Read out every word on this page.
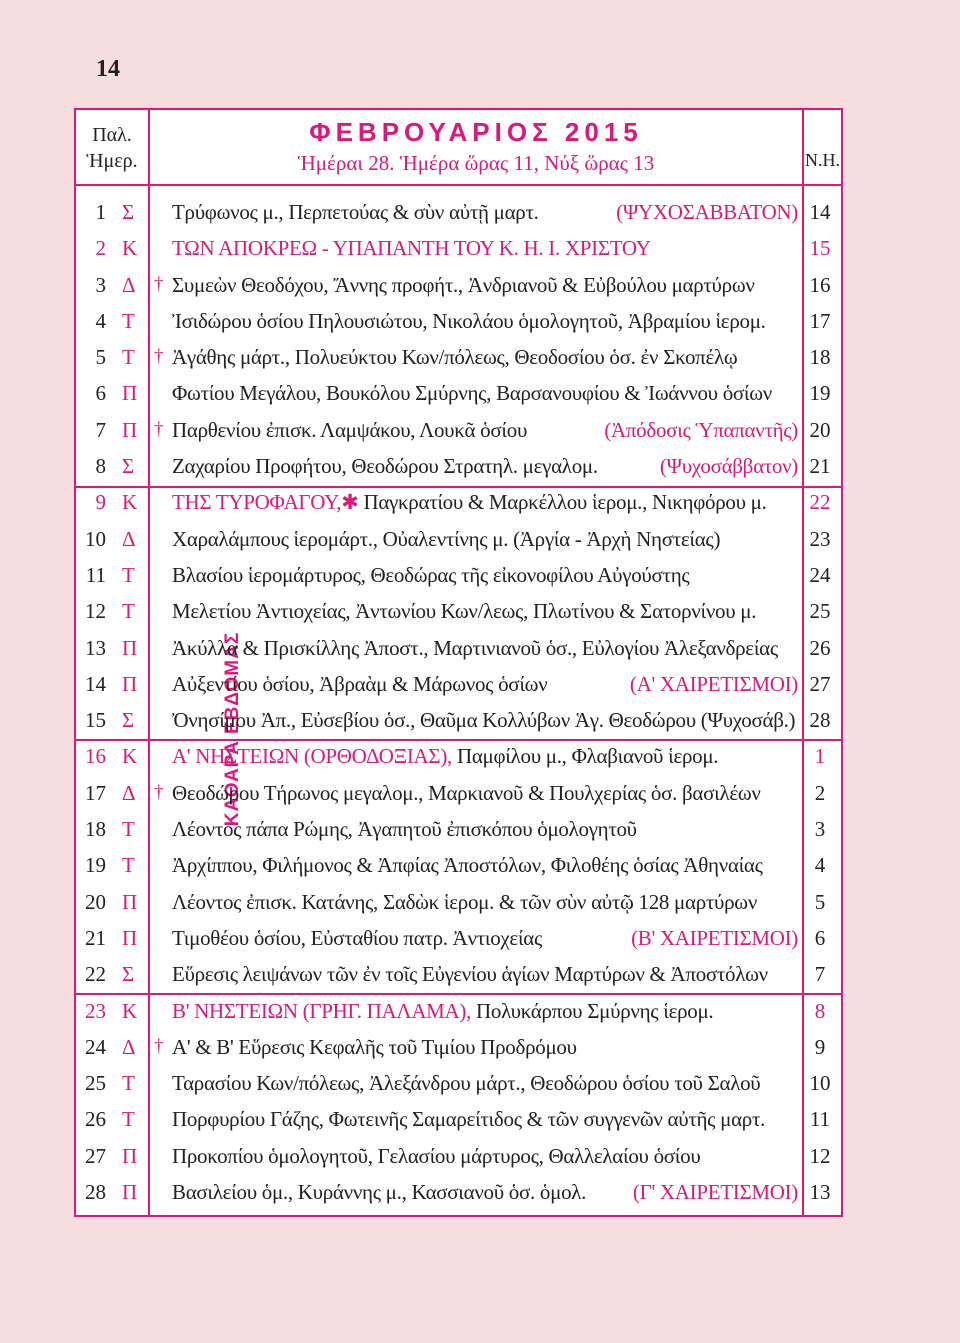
14
Παλ.
Ἡμερ.
ΦΕΒΡΟΥΑΡΙΟΣ 2015
Ἡμέραι 28. Ἡμέρα ὥρας 11, Νύξ ὥρας 13	Ν.Η.
ΚΑΘΑΡΑ ΕΒΔΟΜΑΣ
1 Σ	Τρύφωνος μ., Περπετούας & σὺν αὐτῇ μαρτ.	(ΨΥΧΟΣΑΒΒΑΤΟΝ) 14
2 Κ	ΤΩΝ ΑΠΟΚΡΕΩ - ΥΠΑΠΑΝΤΗ ΤΟΥ Κ. Η. Ι. ΧΡΙΣΤΟΥ	15
3 Δ † Συμεὼν Θεοδόχου, Ἄννης προφήτ., Ἀνδριανοῦ & Εὐβούλου μαρτύρων	16
4 Τ	Ἰσιδώρου ὁσίου Πηλουσιώτου, Νικολάου ὁμολογητοῦ, Ἀβραμίου ἱερομ.	17
5 Τ	† Ἀγάθης μάρτ., Πολυεύκτου Κων/πόλεως, Θεοδοσίου ὁσ. ἐν Σκοπέλῳ	18
6 Π	Φωτίου Μεγάλου, Βουκόλου Σμύρνης, Βαρσανουφίου & Ἰωάννου ὁσίων	19
7 Π † Παρθενίου ἐπισκ. Λαμψάκου, Λουκᾶ ὁσίου	(Ἀπόδοσις Ὑπαπαντῆς) 20
8 Σ	Ζαχαρίου Προφήτου, Θεοδώρου Στρατηλ. μεγαλομ.	(Ψυχοσάββατον) 21
9 Κ	ΤΗΣ ΤΥΡΟΦΑΓΟΥ,✱ Παγκρατίου & Μαρκέλλου ἱερομ., Νικηφόρου μ.	22
10 Δ	Χαραλάμπους ἱερομάρτ., Οὐαλεντίνης μ. (Ἀργία - Ἀρχὴ Νηστείας)	23
11 Τ	Βλασίου ἱερομάρτυρος, Θεοδώρας τῆς εἰκονοφίλου Αὐγούστης	24
12 Τ	Μελετίου Ἀντιοχείας, Ἀντωνίου Κων/λεως, Πλωτίνου & Σατορνίνου μ.	25
13 Π	Ἀκύλλα & Πρισκίλλης Ἀποστ., Μαρτινιανοῦ ὁσ., Εὐλογίου Ἀλεξανδρείας	26
14 Π	Αὐξεντίου ὁσίου, Ἀβραὰμ & Μάρωνος ὁσίων	(Α' ΧΑΙΡΕΤΙΣΜΟΙ) 27
15 Σ	Ὀνησίμου Ἀπ., Εὐσεβίου ὁσ., Θαῦμα Κολλύβων Ἁγ. Θεοδώρου (Ψυχοσάβ.) 28
16 Κ	Α' ΝΗΣΤΕΙΩΝ (ΟΡΘΟΔΟΞΙΑΣ), Παμφίλου μ., Φλαβιανοῦ ἱερομ.	1
17 Δ † Θεοδώρου Τήρωνος μεγαλομ., Μαρκιανοῦ & Πουλχερίας ὁσ. βασιλέων	2
18 Τ	Λέοντος πάπα Ρώμης, Ἀγαπητοῦ ἐπισκόπου ὁμολογητοῦ	3
19 Τ	Ἀρχίππου, Φιλήμονος & Ἀπφίας Ἀποστόλων, Φιλοθέης ὁσίας Ἀθηναίας	4
20 Π	Λέοντος ἐπισκ. Κατάνης, Σαδὼκ ἱερομ. & τῶν σὺν αὐτῷ 128 μαρτύρων	5
21 Π	Τιμοθέου ὁσίου, Εὐσταθίου πατρ. Ἀντιοχείας	(Β' ΧΑΙΡΕΤΙΣΜΟΙ) 6
22 Σ	Εὕρεσις λειψάνων τῶν ἐν τοῖς Εὐγενίου ἁγίων Μαρτύρων & Ἀποστόλων	7
23 Κ	Β' ΝΗΣΤΕΙΩΝ (ΓΡΗΓ. ΠΑΛΑΜΑ), Πολυκάρπου Σμύρνης ἱερομ.	8
24 Δ † Α' & Β' Εὕρεσις Κεφαλῆς τοῦ Τιμίου Προδρόμου	9
25 Τ	Ταρασίου Κων/πόλεως, Ἀλεξάνδρου μάρτ., Θεοδώρου ὁσίου τοῦ Σαλοῦ	10
26 Τ	Πορφυρίου Γάζης, Φωτεινῆς Σαμαρείτιδος & τῶν συγγενῶν αὐτῆς μαρτ.	11
27 Π	Προκοπίου ὁμολογητοῦ, Γελασίου μάρτυρος, Θαλλελαίου ὁσίου	12
28 Π	Βασιλείου ὁμ., Κυράννης μ., Κασσιανοῦ ὁσ. ὁμολ. (Γ' ΧΑΙΡΕΤΙΣΜΟΙ) 13
